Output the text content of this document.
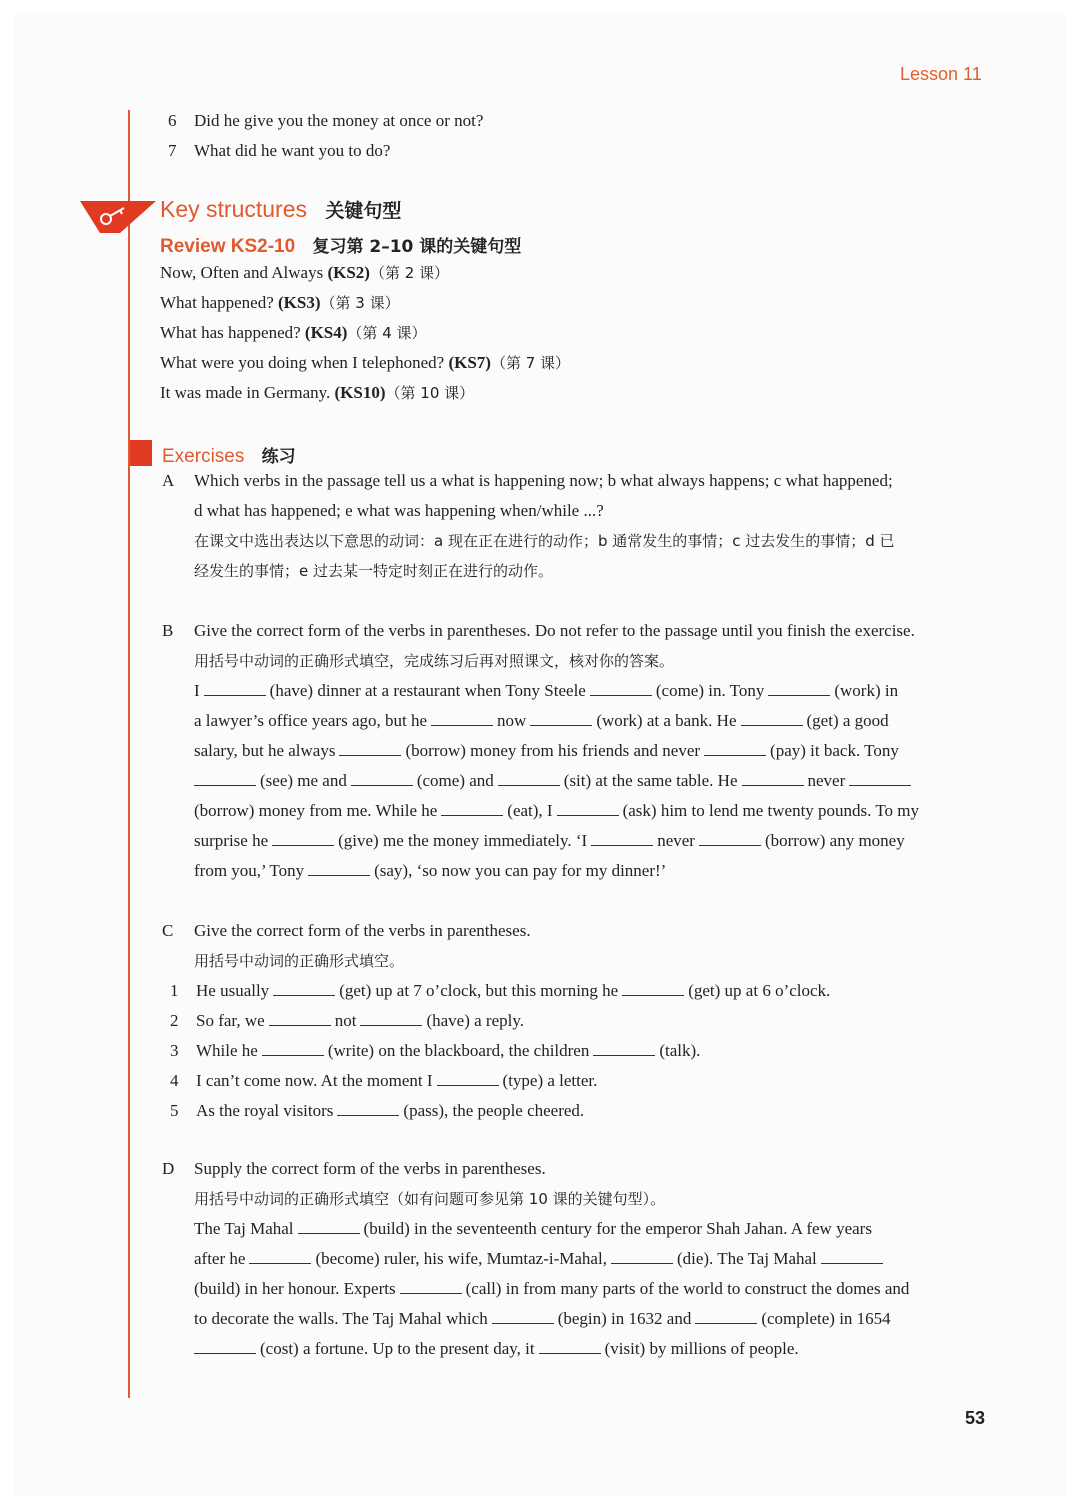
Lesson 11
6 Did he give you the money at once or not?
7 What did he want you to do?
Key structures 关键句型
Review KS2-10 复习第 2–10 课的关键句型
Now, Often and Always (KS2)（第 2 课）
What happened? (KS3)（第 3 课）
What has happened? (KS4)（第 4 课）
What were you doing when I telephoned? (KS7)（第 7 课）
It was made in Germany. (KS10)（第 10 课）
Exercises 练习
A Which verbs in the passage tell us a what is happening now; b what always happens; c what happened;
d what has happened; e what was happening when/while ...?
在课文中选出表达以下意思的动词：a 现在正在进行的动作；b 通常发生的事情；c 过去发生的事情；d 已
经发生的事情；e 过去某一特定时刻正在进行的动作。
B Give the correct form of the verbs in parentheses. Do not refer to the passage until you finish the exercise.
用括号中动词的正确形式填空，完成练习后再对照课文，核对你的答案。
I	(have) dinner at a restaurant when Tony Steele	(come) in. Tony	(work) in
a lawyer’s office years ago, but he	now	(work) at a bank. He	(get) a good
salary, but he always	(borrow) money from his friends and never	(pay) it back. Tony
(see) me and	(come) and	(sit) at the same table. He	never
(borrow) money from me. While he	(eat), I	(ask) him to lend me twenty pounds. To my
surprise he	(give) me the money immediately. ‘I	never	(borrow) any money
from you,’ Tony	(say), ‘so now you can pay for my dinner!’
C Give the correct form of the verbs in parentheses.
用括号中动词的正确形式填空。
1 He usually	(get) up at 7 o’clock, but this morning he	(get) up at 6 o’clock.
2 So far, we	not	(have) a reply.
3 While he	(write) on the blackboard, the children	(talk).
4 I can’t come now. At the moment I	(type) a letter.
5 As the royal visitors	(pass), the people cheered.
D Supply the correct form of the verbs in parentheses.
用括号中动词的正确形式填空（如有问题可参见第 10 课的关键句型）。
The Taj Mahal	(build) in the seventeenth century for the emperor Shah Jahan. A few years
after he	(become) ruler, his wife, Mumtaz-i-Mahal,	(die). The Taj Mahal
(build) in her honour. Experts	(call) in from many parts of the world to construct the domes and
to decorate the walls. The Taj Mahal which	(begin) in 1632 and	(complete) in 1654
(cost) a fortune. Up to the present day, it	(visit) by millions of people.
53
